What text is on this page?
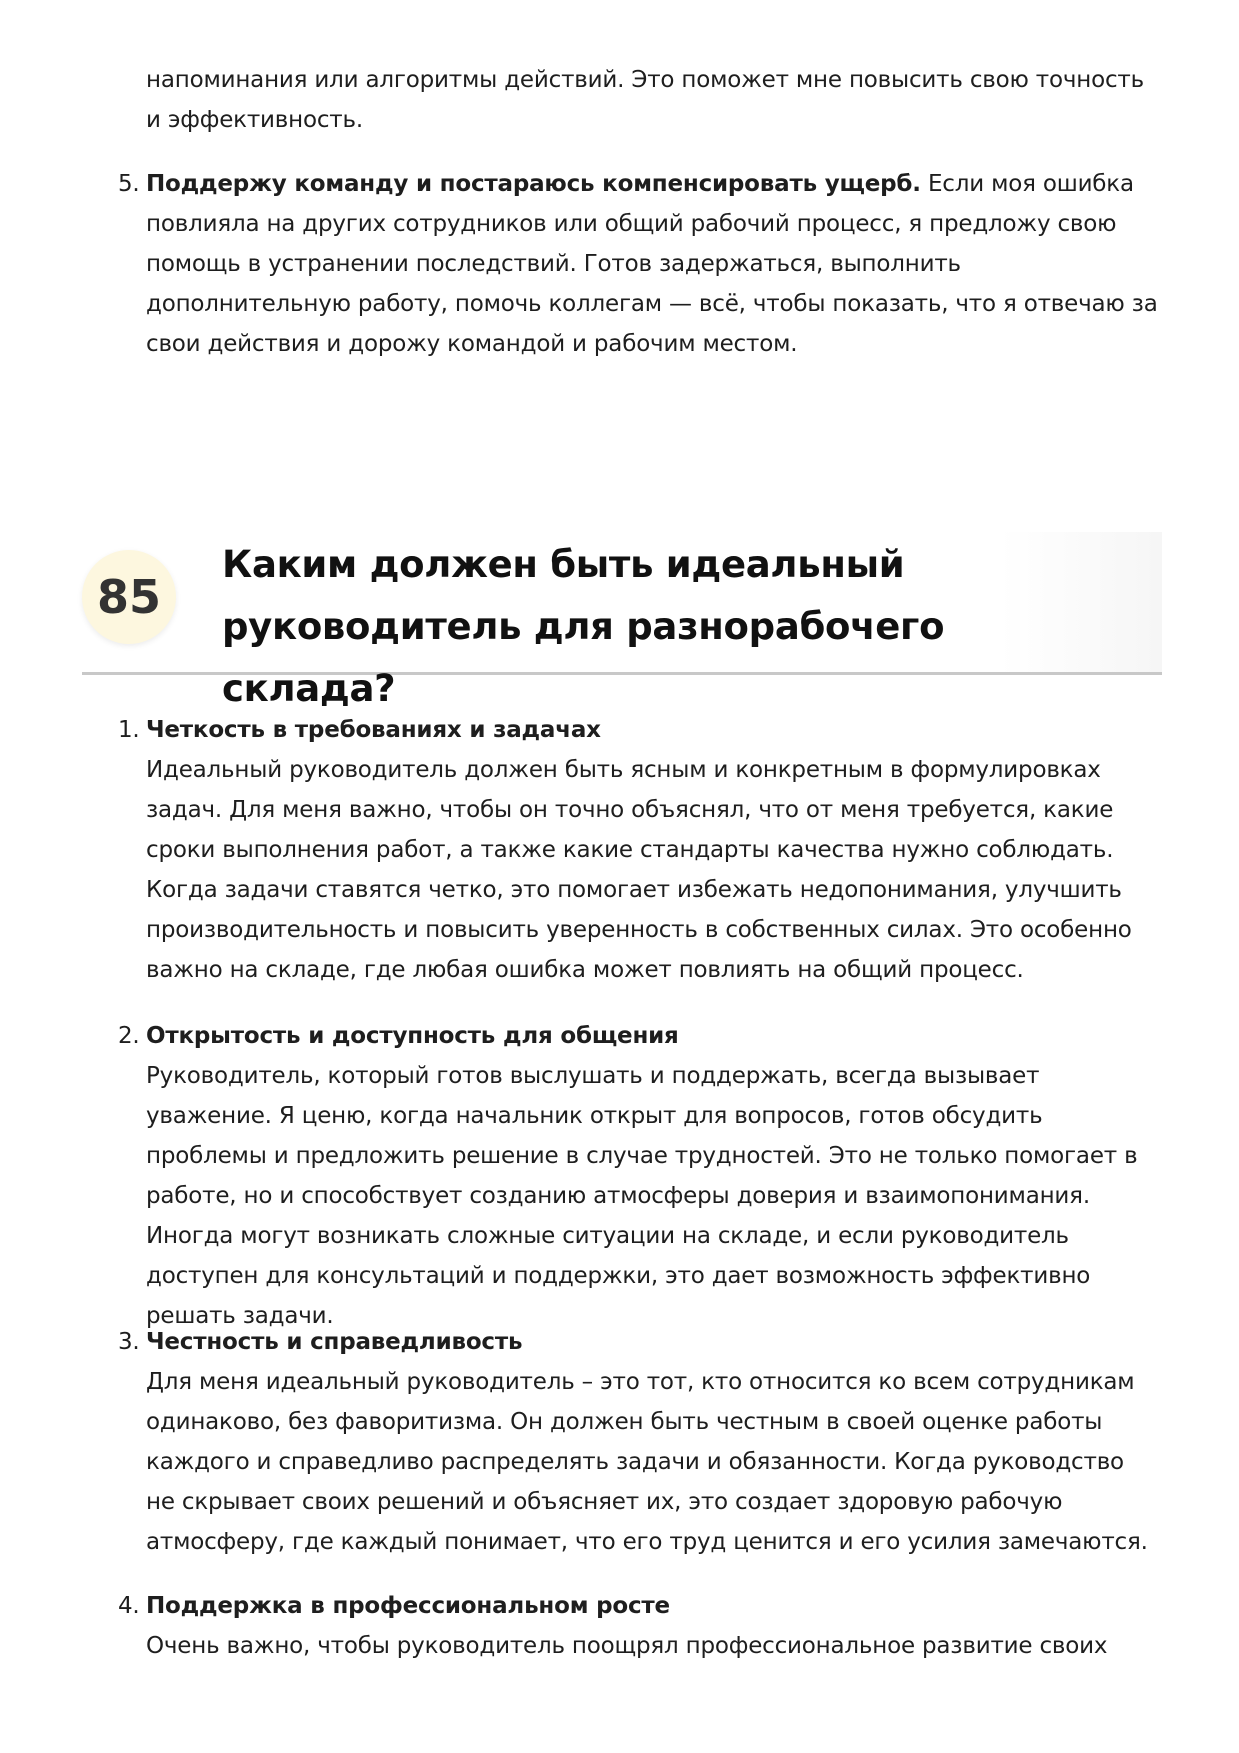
напоминания или алгоритмы действий. Это поможет мне повысить свою точность и эффективность.
5. Поддержу команду и постараюсь компенсировать ущерб. Если моя ошибка повлияла на других сотрудников или общий рабочий процесс, я предложу свою помощь в устранении последствий. Готов задержаться, выполнить дополнительную работу, помочь коллегам — всё, чтобы показать, что я отвечаю за свои действия и дорожу командой и рабочим местом.
85
Каким должен быть идеальный руководитель для разнорабочего склада?
1. Четкость в требованиях и задачах
Идеальный руководитель должен быть ясным и конкретным в формулировках задач. Для меня важно, чтобы он точно объяснял, что от меня требуется, какие сроки выполнения работ, а также какие стандарты качества нужно соблюдать. Когда задачи ставятся четко, это помогает избежать недопонимания, улучшить производительность и повысить уверенность в собственных силах. Это особенно важно на складе, где любая ошибка может повлиять на общий процесс.
2. Открытость и доступность для общения
Руководитель, который готов выслушать и поддержать, всегда вызывает уважение. Я ценю, когда начальник открыт для вопросов, готов обсудить проблемы и предложить решение в случае трудностей. Это не только помогает в работе, но и способствует созданию атмосферы доверия и взаимопонимания. Иногда могут возникать сложные ситуации на складе, и если руководитель доступен для консультаций и поддержки, это дает возможность эффективно решать задачи.
3. Честность и справедливость
Для меня идеальный руководитель – это тот, кто относится ко всем сотрудникам одинаково, без фаворитизма. Он должен быть честным в своей оценке работы каждого и справедливо распределять задачи и обязанности. Когда руководство не скрывает своих решений и объясняет их, это создает здоровую рабочую атмосферу, где каждый понимает, что его труд ценится и его усилия замечаются.
4. Поддержка в профессиональном росте
Очень важно, чтобы руководитель поощрял профессиональное развитие своих
